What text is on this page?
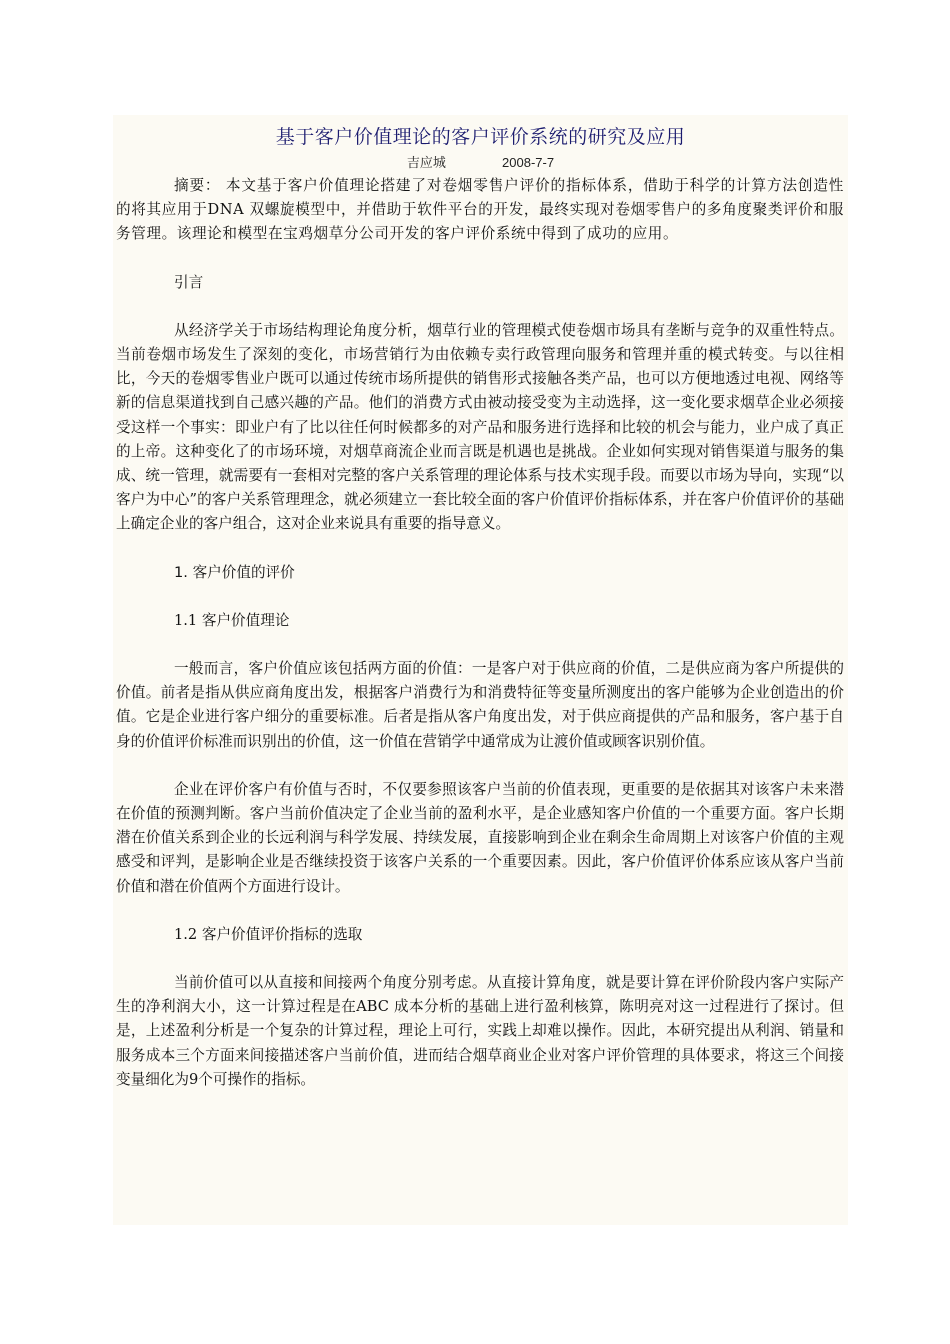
基于客户价值理论的客户评价系统的研究及应用
吉应城	2008-7-7

摘要： 本文基于客户价值理论搭建了对卷烟零售户评价的指标体系，借助于科学的计算方法创造性的将其应用于DNA 双螺旋模型中，并借助于软件平台的开发，最终实现对卷烟零售户的多角度聚类评价和服务管理。该理论和模型在宝鸡烟草分公司开发的客户评价系统中得到了成功的应用。

引言

从经济学关于市场结构理论角度分析，烟草行业的管理模式使卷烟市场具有垄断与竞争的双重性特点。当前卷烟市场发生了深刻的变化，市场营销行为由依赖专卖行政管理向服务和管理并重的模式转变。与以往相比，今天的卷烟零售业户既可以通过传统市场所提供的销售形式接触各类产品，也可以方便地透过电视、网络等新的信息渠道找到自己感兴趣的产品。他们的消费方式由被动接受变为主动选择，这一变化要求烟草企业必须接受这样一个事实：即业户有了比以往任何时候都多的对产品和服务进行选择和比较的机会与能力，业户成了真正的上帝。这种变化了的市场环境，对烟草商流企业而言既是机遇也是挑战。企业如何实现对销售渠道与服务的集成、统一管理，就需要有一套相对完整的客户关系管理的理论体系与技术实现手段。而要以市场为导向，实现“以客户为中心”的客户关系管理理念，就必须建立一套比较全面的客户价值评价指标体系，并在客户价值评价的基础上确定企业的客户组合，这对企业来说具有重要的指导意义。

1. 客户价值的评价

1.1 客户价值理论

一般而言，客户价值应该包括两方面的价值：一是客户对于供应商的价值，二是供应商为客户所提供的价值。前者是指从供应商角度出发，根据客户消费行为和消费特征等变量所测度出的客户能够为企业创造出的价值。它是企业进行客户细分的重要标准。后者是指从客户角度出发，对于供应商提供的产品和服务，客户基于自身的价值评价标准而识别出的价值，这一价值在营销学中通常成为让渡价值或顾客识别价值。

企业在评价客户有价值与否时，不仅要参照该客户当前的价值表现，更重要的是依据其对该客户未来潜在价值的预测判断。客户当前价值决定了企业当前的盈利水平，是企业感知客户价值的一个重要方面。客户长期潜在价值关系到企业的长远利润与科学发展、持续发展，直接影响到企业在剩余生命周期上对该客户价值的主观感受和评判，是影响企业是否继续投资于该客户关系的一个重要因素。因此，客户价值评价体系应该从客户当前价值和潜在价值两个方面进行设计。

1.2 客户价值评价指标的选取

当前价值可以从直接和间接两个角度分别考虑。从直接计算角度，就是要计算在评价阶段内客户实际产生的净利润大小，这一计算过程是在ABC 成本分析的基础上进行盈利核算，陈明亮对这一过程进行了探讨。但是，上述盈利分析是一个复杂的计算过程，理论上可行，实践上却难以操作。因此，本研究提出从利润、销量和服务成本三个方面来间接描述客户当前价值，进而结合烟草商业企业对客户评价管理的具体要求，将这三个间接变量细化为9个可操作的指标。
